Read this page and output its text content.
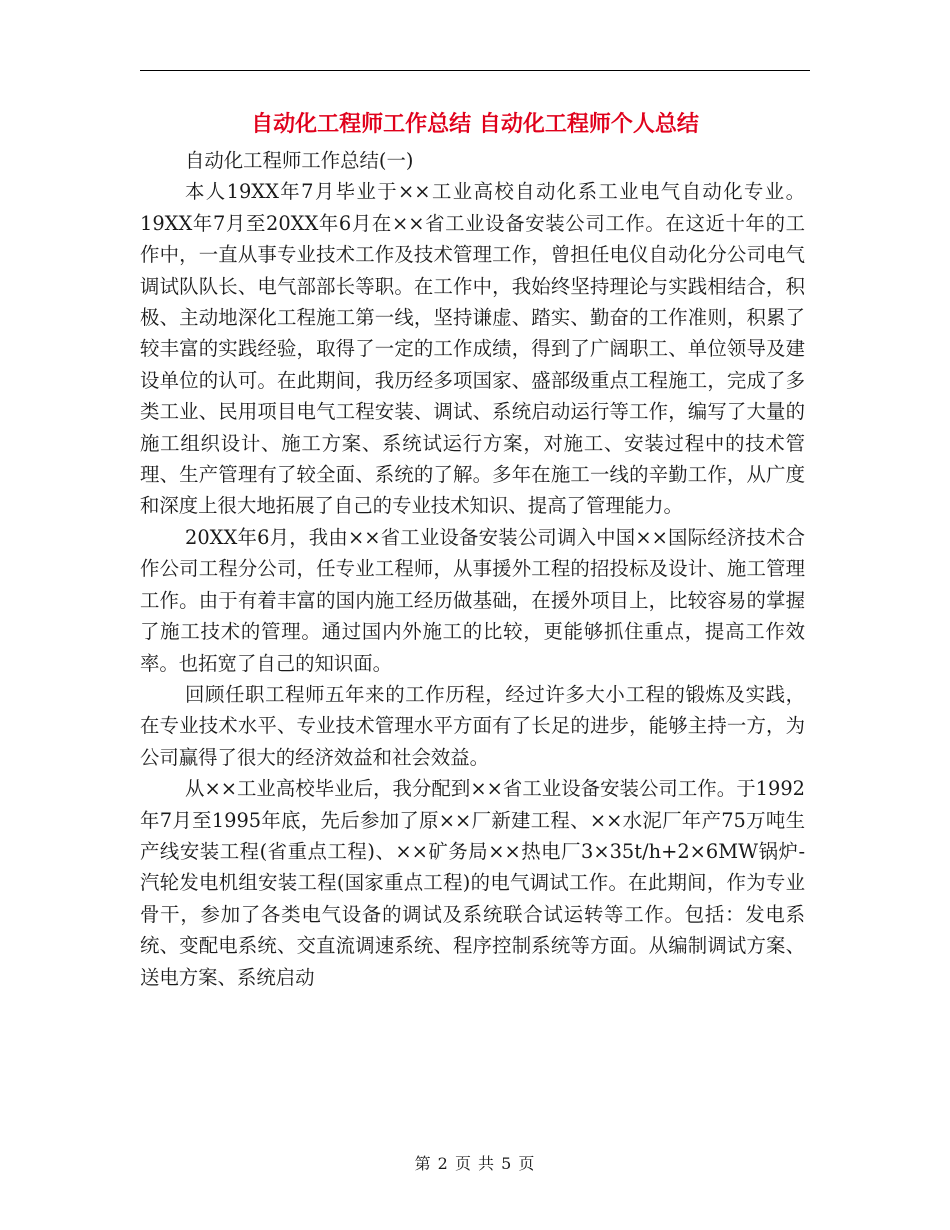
自动化工程师工作总结 自动化工程师个人总结
自动化工程师工作总结(一)

本人19XX年7月毕业于××工业高校自动化系工业电气自动化专业。19XX年7月至20XX年6月在××省工业设备安装公司工作。在这近十年的工作中，一直从事专业技术工作及技术管理工作，曾担任电仪自动化分公司电气调试队队长、电气部部长等职。在工作中，我始终坚持理论与实践相结合，积极、主动地深化工程施工第一线，坚持谦虚、踏实、勤奋的工作准则，积累了较丰富的实践经验，取得了一定的工作成绩，得到了广阔职工、单位领导及建设单位的认可。在此期间，我历经多项国家、盛部级重点工程施工，完成了多类工业、民用项目电气工程安装、调试、系统启动运行等工作，编写了大量的施工组织设计、施工方案、系统试运行方案，对施工、安装过程中的技术管理、生产管理有了较全面、系统的了解。多年在施工一线的辛勤工作，从广度和深度上很大地拓展了自己的专业技术知识、提高了管理能力。

20XX年6月，我由××省工业设备安装公司调入中国××国际经济技术合作公司工程分公司，任专业工程师，从事援外工程的招投标及设计、施工管理工作。由于有着丰富的国内施工经历做基础，在援外项目上，比较容易的掌握了施工技术的管理。通过国内外施工的比较，更能够抓住重点，提高工作效率。也拓宽了自己的知识面。

回顾任职工程师五年来的工作历程，经过许多大小工程的锻炼及实践，在专业技术水平、专业技术管理水平方面有了长足的进步，能够主持一方，为公司赢得了很大的经济效益和社会效益。

从××工业高校毕业后，我分配到××省工业设备安装公司工作。于1992年7月至1995年底，先后参加了原××厂新建工程、××水泥厂年产75万吨生产线安装工程(省重点工程)、××矿务局××热电厂3×35t/h+2×6MW锅炉-汽轮发电机组安装工程(国家重点工程)的电气调试工作。在此期间，作为专业骨干，参加了各类电气设备的调试及系统联合试运转等工作。包括：发电系统、变配电系统、交直流调速系统、程序控制系统等方面。从编制调试方案、送电方案、系统启动

第 2 页 共 5 页
